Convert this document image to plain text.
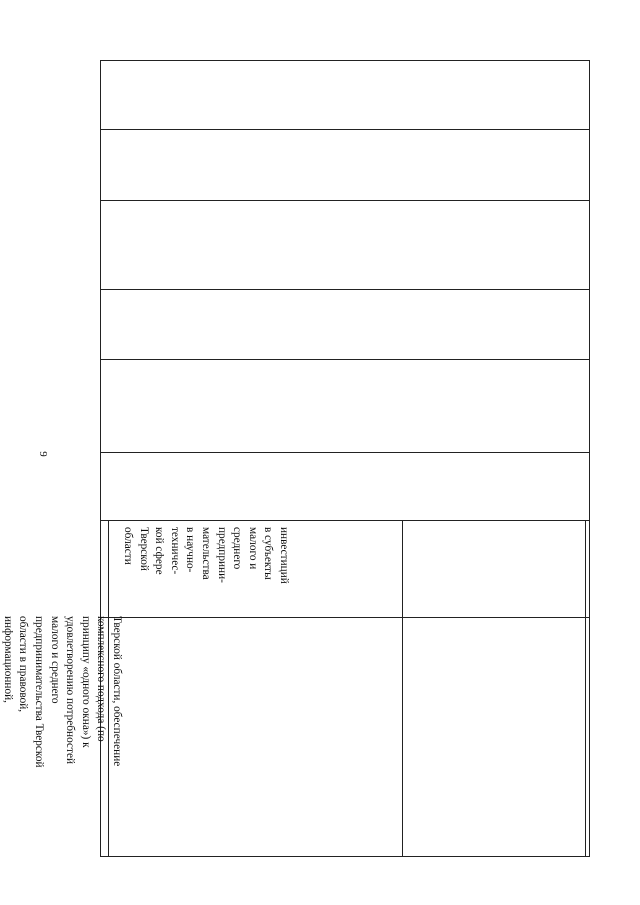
9
Тверской области, обеспечение
комплексного подхода (по
принципу «одного окна») к
удовлетворению потребностей
малого и среднего
предпринимательства Тверской
области в правовой,
информационной,

инвестиций
в субъекты
малого и
среднего
предприни-
мательства
в научно-
техничес-
кой сфере
Тверской
области
